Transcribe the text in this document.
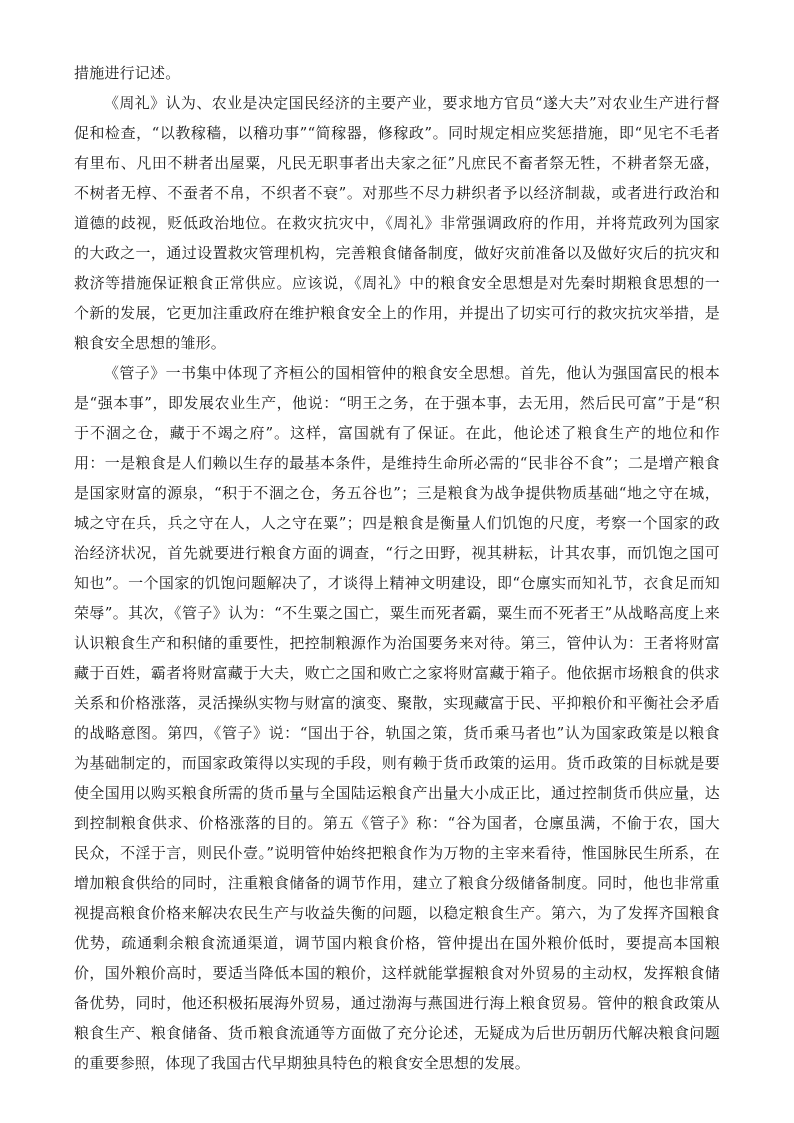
措施进行记述。

《周礼》认为、农业是决定国民经济的主要产业，要求地方官员“遂大夫”对农业生产进行督促和检查，“以教稼穑，以稽功事”“简稼器，修稼政”。同时规定相应奖惩措施，即“见宅不毛者有里布、凡田不耕者出屋粟，凡民无职事者出夫家之征”凡庶民不畜者祭无牲，不耕者祭无盛，不树者无椁、不蚕者不帛，不织者不衰”。对那些不尽力耕织者予以经济制裁，或者进行政治和道德的歧视，贬低政治地位。在救灾抗灾中，《周礼》非常强调政府的作用，并将荒政列为国家的大政之一，通过设置救灾管理机构，完善粮食储备制度，做好灾前准备以及做好灾后的抗灾和救济等措施保证粮食正常供应。应该说，《周礼》中的粮食安全思想是对先秦时期粮食思想的一个新的发展，它更加注重政府在维护粮食安全上的作用，并提出了切实可行的救灾抗灾举措，是粮食安全思想的雏形。

《管子》一书集中体现了齐桓公的国相管仲的粮食安全思想。首先，他认为强国富民的根本是“强本事”，即发展农业生产，他说：“明王之务，在于强本事，去无用，然后民可富”于是“积于不涸之仓，藏于不竭之府”。这样，富国就有了保证。在此，他论述了粮食生产的地位和作用：一是粮食是人们赖以生存的最基本条件，是维持生命所必需的“民非谷不食”；二是增产粮食是国家财富的源泉，“积于不涸之仓，务五谷也”；三是粮食为战争提供物质基础“地之守在城，城之守在兵，兵之守在人，人之守在粟”；四是粮食是衡量人们饥饱的尺度，考察一个国家的政治经济状况，首先就要进行粮食方面的调查，“行之田野，视其耕耘，计其农事，而饥饱之国可知也”。一个国家的饥饱问题解决了，才谈得上精神文明建设，即“仓廪实而知礼节，衣食足而知荣辱”。其次，《管子》认为：“不生粟之国亡，粟生而死者霸，粟生而不死者王”从战略高度上来认识粮食生产和积储的重要性，把控制粮源作为治国要务来对待。第三，管仲认为：王者将财富藏于百姓，霸者将财富藏于大夫，败亡之国和败亡之家将财富藏于箱子。他依据市场粮食的供求关系和价格涨落，灵活操纵实物与财富的演变、聚散，实现藏富于民、平抑粮价和平衡社会矛盾的战略意图。第四，《管子》说：“国出于谷，轨国之策，货币乘马者也”认为国家政策是以粮食为基础制定的，而国家政策得以实现的手段，则有赖于货币政策的运用。货币政策的目标就是要使全国用以购买粮食所需的货币量与全国陆运粮食产出量大小成正比，通过控制货币供应量，达到控制粮食供求、价格涨落的目的。第五《管子》称：“谷为国者，仓廪虽满，不偷于农，国大民众，不淫于言，则民仆壹。”说明管仲始终把粮食作为万物的主宰来看待，惟国脉民生所系，在增加粮食供给的同时，注重粮食储备的调节作用，建立了粮食分级储备制度。同时，他也非常重视提高粮食价格来解决农民生产与收益失衡的问题，以稳定粮食生产。第六，为了发挥齐国粮食优势，疏通剩余粮食流通渠道，调节国内粮食价格，管仲提出在国外粮价低时，要提高本国粮价，国外粮价高时，要适当降低本国的粮价，这样就能掌握粮食对外贸易的主动权，发挥粮食储备优势，同时，他还积极拓展海外贸易，通过渤海与燕国进行海上粮食贸易。管仲的粮食政策从粮食生产、粮食储备、货币粮食流通等方面做了充分论述，无疑成为后世历朝历代解决粮食问题的重要参照，体现了我国古代早期独具特色的粮食安全思想的发展。
